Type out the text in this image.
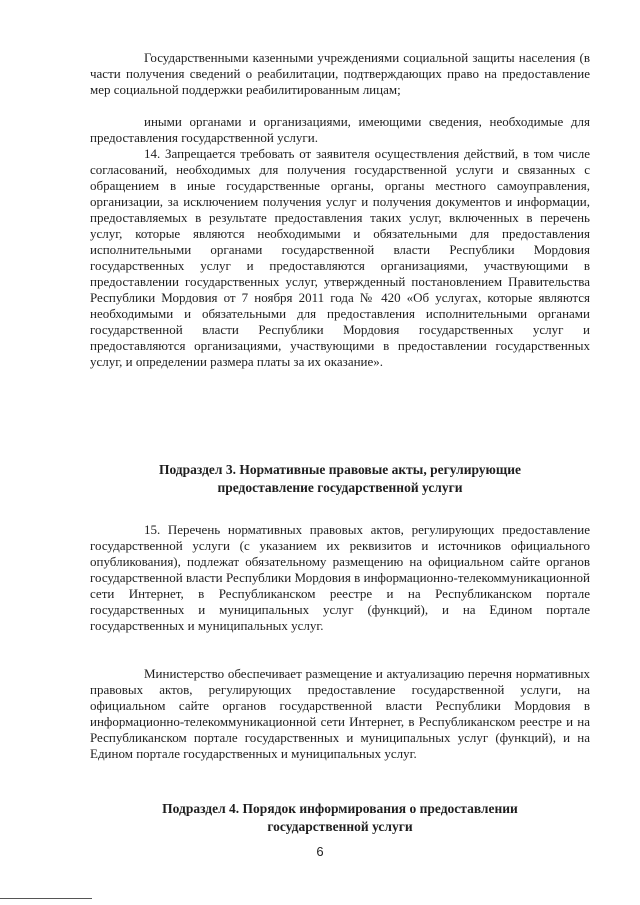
Государственными казенными учреждениями социальной защиты населения (в части получения сведений о реабилитации, подтверждающих право на предоставление мер социальной поддержки реабилитированным лицам;

иными органами и организациями, имеющими сведения, необходимые для предоставления государственной услуги.

14. Запрещается требовать от заявителя осуществления действий, в том числе согласований, необходимых для получения государственной услуги и связанных с обращением в иные государственные органы, органы местного самоуправления, организации, за исключением получения услуг и получения документов и информации, предоставляемых в результате предоставления таких услуг, включенных в перечень услуг, которые являются необходимыми и обязательными для предоставления исполнительными органами государственной власти Республики Мордовия государственных услуг и предоставляются организациями, участвующими в предоставлении государственных услуг, утвержденный постановлением Правительства Республики Мордовия от 7 ноября 2011 года № 420 «Об услугах, которые являются необходимыми и обязательными для предоставления исполнительными органами государственной власти Республики Мордовия государственных услуг и предоставляются организациями, участвующими в предоставлении государственных услуг, и определении размера платы за их оказание».

Подраздел 3. Нормативные правовые акты, регулирующие
предоставление государственной услуги

15. Перечень нормативных правовых актов, регулирующих предоставление государственной услуги (с указанием их реквизитов и источников официального опубликования), подлежат обязательному размещению на официальном сайте органов государственной власти Республики Мордовия в информационно-телекоммуникационной сети Интернет, в Республиканском реестре и на Республиканском портале государственных и муниципальных услуг (функций), и на Едином портале государственных и муниципальных услуг.

Министерство обеспечивает размещение и актуализацию перечня нормативных правовых актов, регулирующих предоставление государственной услуги, на официальном сайте органов государственной власти Республики Мордовия в информационно-телекоммуникационной сети Интернет, в Республиканском реестре и на Республиканском портале государственных и муниципальных услуг (функций), и на Едином портале государственных и муниципальных услуг.

Подраздел 4. Порядок информирования о предоставлении
государственной услуги
6
